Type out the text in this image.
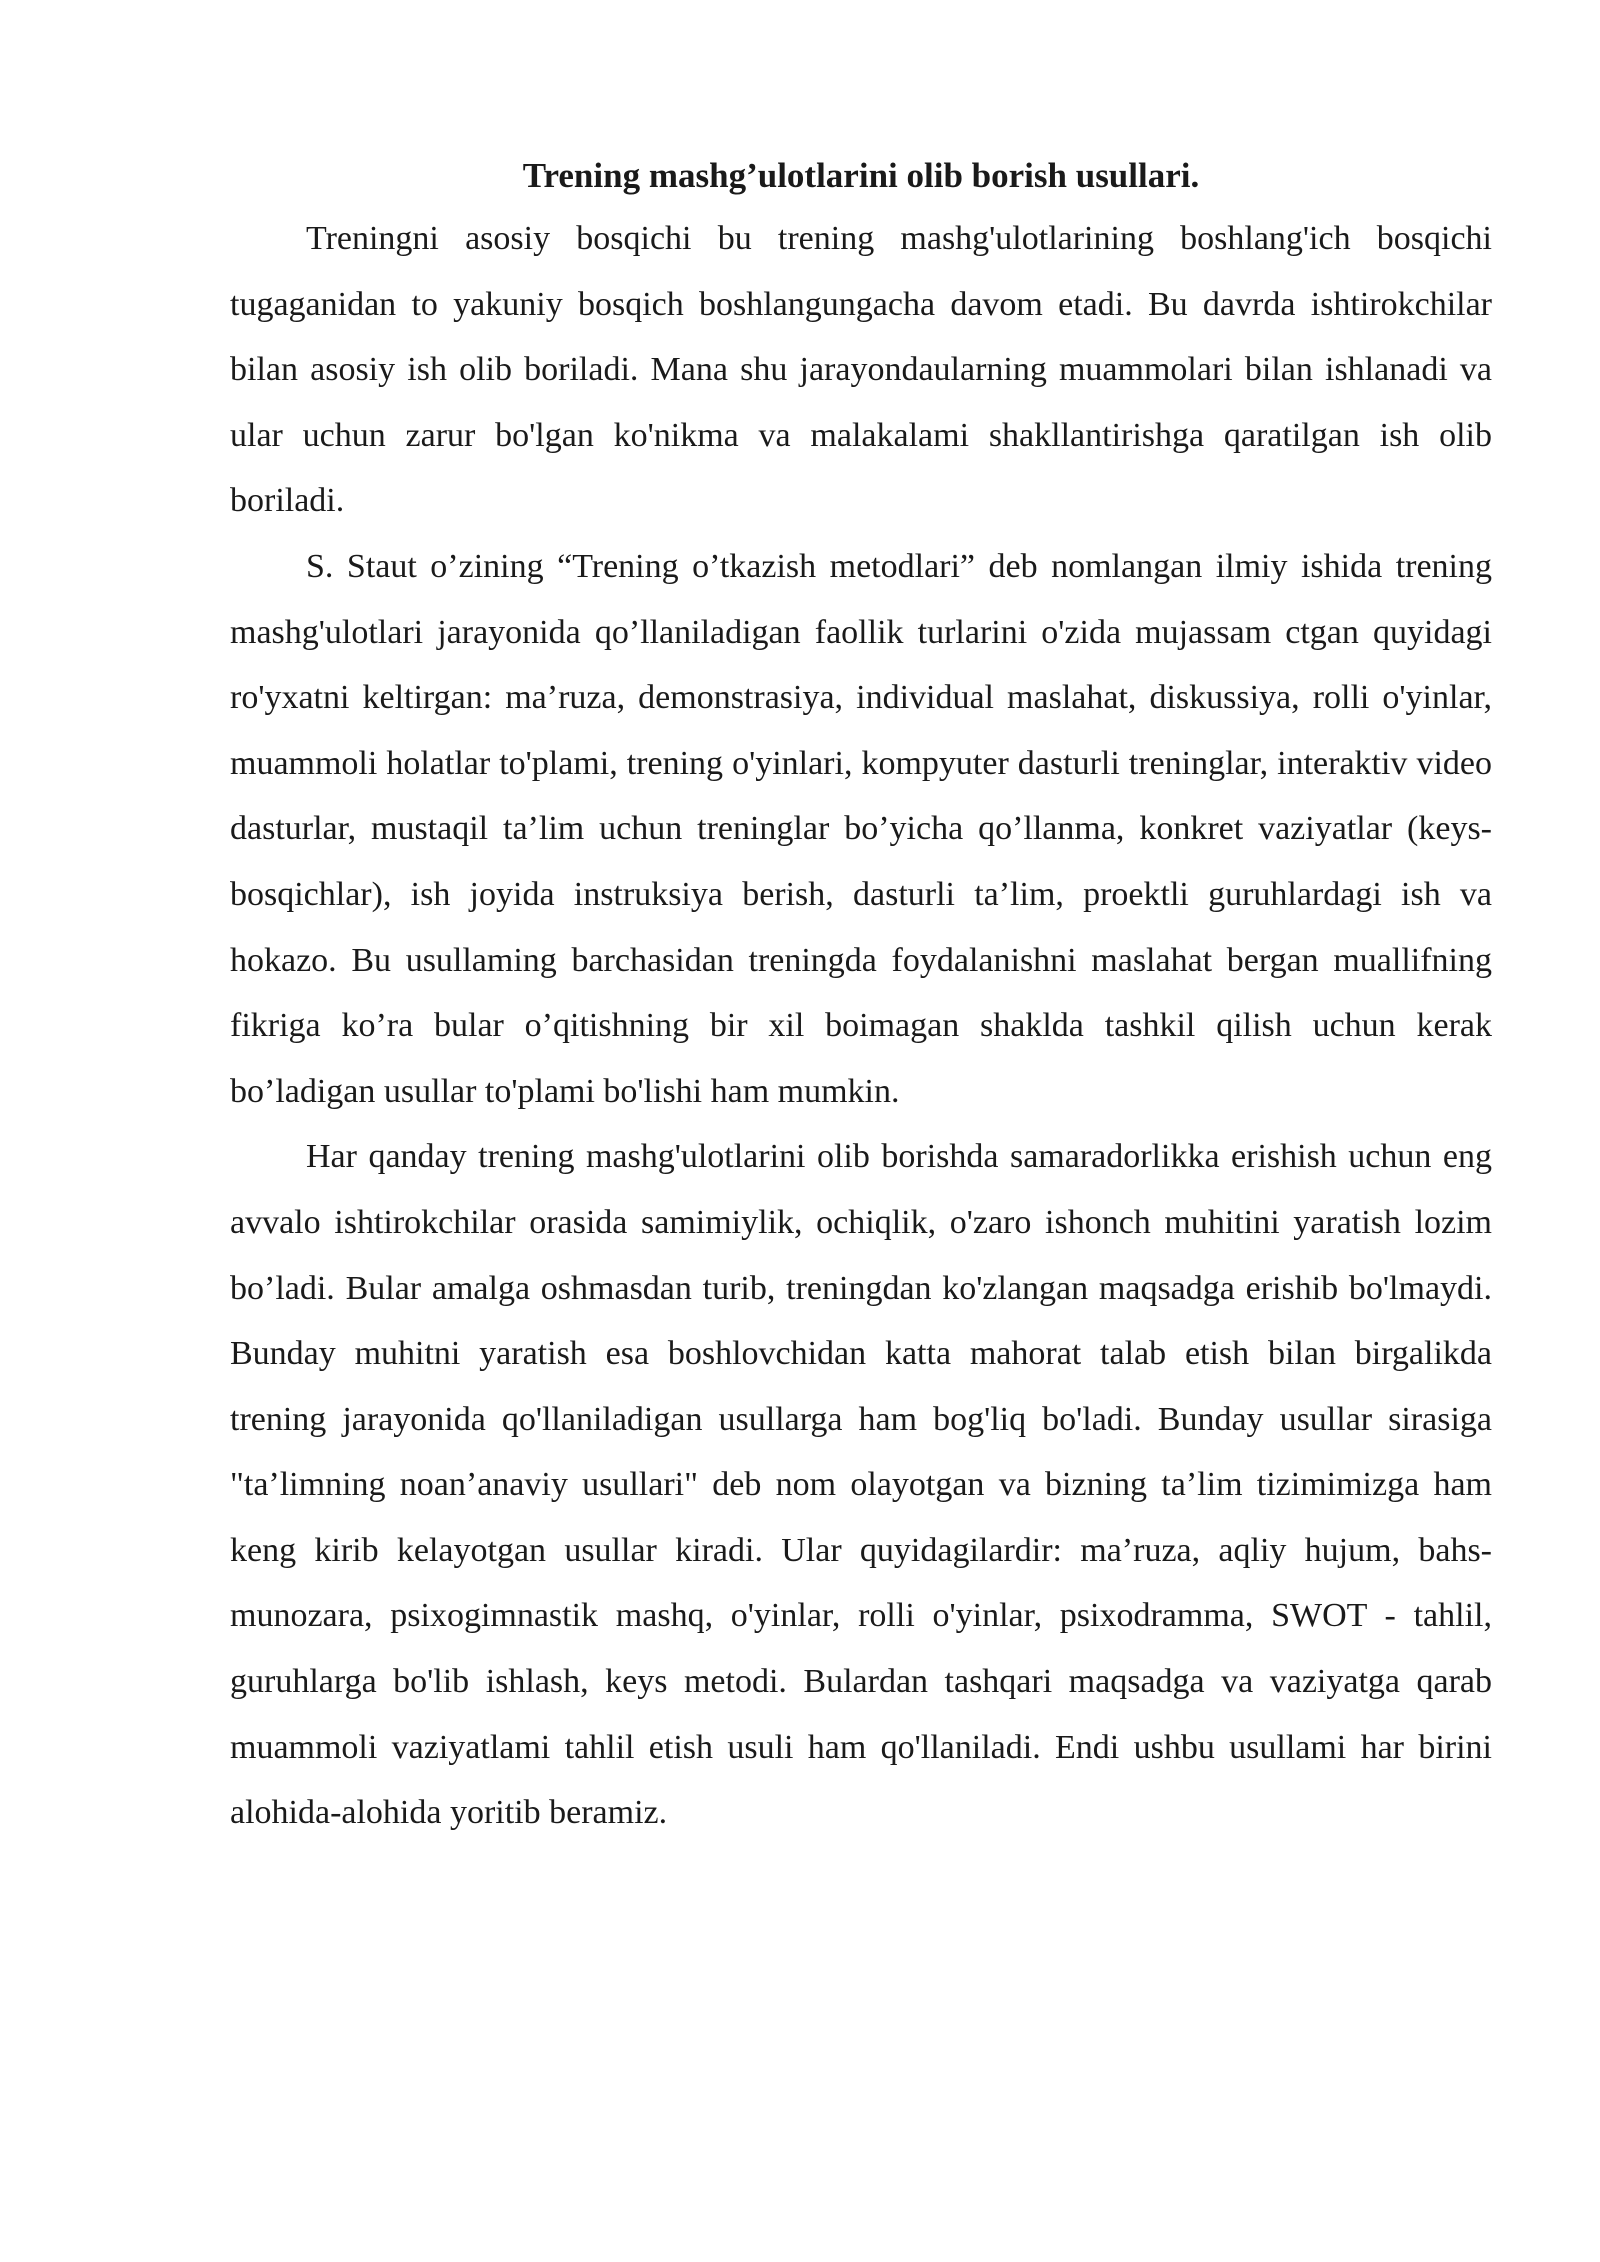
Trening mashg’ulotlarini olib borish usullari.

Treningni asosiy bosqichi bu trening mashg'ulotlarining boshlang'ich bosqichi tugaganidan to yakuniy bosqich boshlangungacha davom etadi. Bu davrda ishtirokchilar bilan asosiy ish olib boriladi. Mana shu jarayondaularning muammolari bilan ishlanadi va ular uchun zarur bo'lgan ko'nikma va malakalami shakllantirishga qaratilgan ish olib boriladi.

S. Staut o’zining “Trening o’tkazish metodlari” deb nomlangan ilmiy ishida trening mashg'ulotlari jarayonida qo’llaniladigan faollik turlarini o'zida mujassam ctgan quyidagi ro'yxatni keltirgan: ma’ruza, demonstrasiya, individual maslahat, diskussiya, rolli o'yinlar, muammoli holatlar to'plami, trening o'yinlari, kompyuter dasturli treninglar, interaktiv video dasturlar, mustaqil ta’lim uchun treninglar bo’yicha qo’llanma, konkret vaziyatlar (keys-bosqichlar), ish joyida instruksiya berish, dasturli ta’lim, proektli guruhlardagi ish va hokazo. Bu usullaming barchasidan treningda foydalanishni maslahat bergan muallifning fikriga ko’ra bular o’qitishning bir xil boimagan shaklda tashkil qilish uchun kerak bo’ladigan usullar to'plami bo'lishi ham mumkin.

Har qanday trening mashg'ulotlarini olib borishda samaradorlikka erishish uchun eng avvalo ishtirokchilar orasida samimiylik, ochiqlik, o'zaro ishonch muhitini yaratish lozim bo’ladi. Bular amalga oshmasdan turib, treningdan ko'zlangan maqsadga erishib bo'lmaydi. Bunday muhitni yaratish esa boshlovchidan katta mahorat talab etish bilan birgalikda trening jarayonida qo'llaniladigan usullarga ham bog'liq bo'ladi. Bunday usullar sirasiga "ta’limning noan’anaviy usullari" deb nom olayotgan va bizning ta’lim tizimimizga ham keng kirib kelayotgan usullar kiradi. Ular quyidagilardir: ma’ruza, aqliy hujum, bahs-munozara, psixogimnastik mashq, o'yinlar, rolli o'yinlar, psixodramma, SWOT - tahlil, guruhlarga bo'lib ishlash, keys metodi. Bulardan tashqari maqsadga va vaziyatga qarab muammoli vaziyatlami tahlil etish usuli ham qo'llaniladi. Endi ushbu usullami har birini alohida-alohida yoritib beramiz.
